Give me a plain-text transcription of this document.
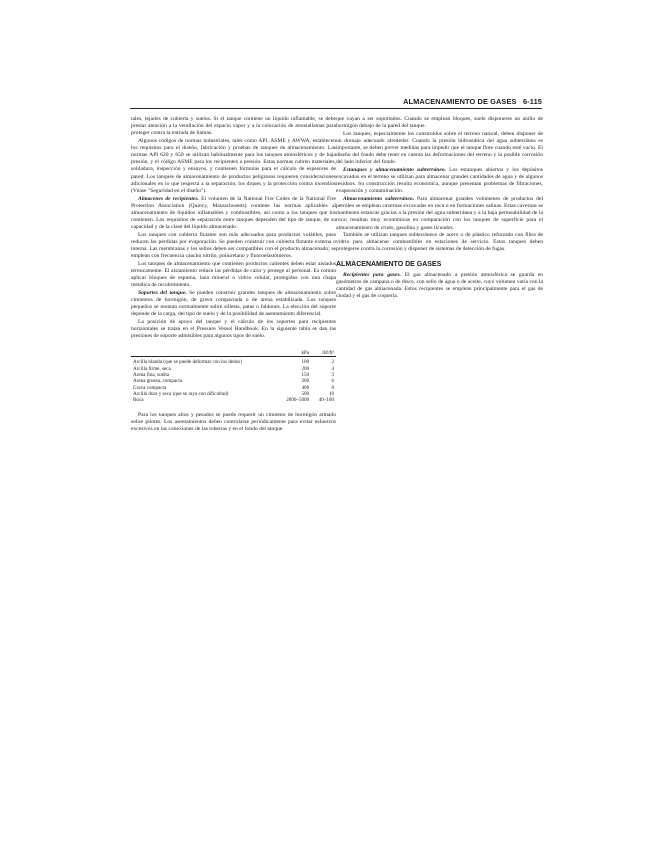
ALMACENAMIENTO DE GASES 6-115

tales, tejados de cubierta y suelos. Si el tanque contiene un líquido inflamable, se debe prestar atención a la ventilación del espacio vapor y a la colocación de arrestallamas para proteger contra la entrada de llamas.

Algunos códigos de normas industriales, tales como API, ASME y AWWA, establecen los requisitos para el diseño, fabricación y pruebas de tanques de almacenamiento. Las normas API 620 y 650 se utilizan habitualmente para los tanques atmosféricos y de baja presión, y el código ASME para los recipientes a presión. Estas normas cubren materiales, soldadura, inspección y ensayos, y contienen fórmulas para el cálculo de espesores de pared. Los tanques de almacenamiento de productos peligrosos requieren consideraciones adicionales en lo que respecta a la separación, los diques y la protección contra incendios (Véase "Seguridad en el diseño").

Almacenes de recipientes. El volumen de la National Fire Codes de la National Fire Protection Association (Quincy, Massachusetts) contiene las normas aplicables al almacenamiento de líquidos inflamables y combustibles, así como a los tanques que los contienen. Los requisitos de separación entre tanques dependen del tipo de tanque, de su capacidad y de la clase del líquido almacenado.

Los tanques con cubierta flotante son más adecuados para productos volátiles, pues reducen las pérdidas por evaporación. Se pueden construir con cubierta flotante externa o interna. Las membranas y los sellos deben ser compatibles con el producto almacenado; se emplean con frecuencia caucho nitrilo, poliuretano y fluoroelastómeros.

Los tanques de almacenamiento que contienen productos calientes deben estar aislados térmicamente. El aislamiento reduce las pérdidas de calor y protege al personal. Es común aplicar bloques de espuma, lana mineral o vidrio celular, protegidos con una chapa metálica de recubrimiento.

Soportes del tanque. Se pueden construir grandes tanques de almacenamiento sobre cimientos de hormigón, de grava compactada o de arena estabilizada. Los tanques pequeños se montan normalmente sobre silletas, patas o faldones. La elección del soporte depende de la carga, del tipo de suelo y de la posibilidad de asentamiento diferencial.

La posición de apoyo del tanque y el cálculo de los soportes para recipientes horizontales se tratan en el Pressure Vessel Handbook. En la siguiente tabla se dan las presiones de soporte admisibles para algunos tipos de suelo.

	kPa	lbf/ft²
Arcilla blanda (que se puede deformar con los dedos)	100	2
Arcilla firme, seca	200	4
Arena fina, suelta	150	3
Arena gruesa, compacta	300	6
Grava compacta	400	8
Arcilla dura y seca (que se raya con dificultad)	500	10
Roca	2000–5000	40–100

Para los tanques altos y pesados se puede requerir un cimiento de hormigón armado sobre pilotes. Los asentamientos deben controlarse periódicamente para evitar esfuerzos excesivos en las conexiones de las tuberías y en el fondo del tanque.

que vayan a ser soportados. Cuando se emplean bloques, suele disponerse un anillo de hormigón debajo de la pared del tanque.

Los tanques, especialmente los construidos sobre el terreno natural, deben disponer de un drenaje adecuado alrededor. Cuando la presión hidrostática del agua subterránea es importante, se deben prever medidas para impedir que el tanque flote cuando esté vacío. El diseño del fondo debe tener en cuenta las deformaciones del terreno y la posible corrosión del lado inferior del fondo.

Estanques y almacenamiento subterráneo. Los estanques abiertos y los depósitos excavados en el terreno se utilizan para almacenar grandes cantidades de agua y de algunos residuos. Su construcción resulta económica, aunque presentan problemas de filtraciones, evaporación y contaminación.

Almacenamiento subterráneo. Para almacenar grandes volúmenes de productos del petróleo se emplean cavernas excavadas en roca o en formaciones salinas. Estas cavernas se mantienen estancas gracias a la presión del agua subterránea y a la baja permeabilidad de la roca; resultan muy económicas en comparación con los tanques de superficie para el almacenamiento de crudo, gasolina y gases licuados.

También se utilizan tanques subterráneos de acero o de plástico reforzado con fibra de vidrio para almacenar combustibles en estaciones de servicio. Estos tanques deben protegerse contra la corrosión y disponer de sistemas de detección de fugas.

ALMACENAMIENTO DE GASES

Recipientes para gases. El gas almacenado a presión atmosférica se guarda en gasómetros de campana o de disco, con sello de agua o de aceite, cuyo volumen varía con la cantidad de gas almacenada. Estos recipientes se emplean principalmente para el gas de ciudad y el gas de coquería.
